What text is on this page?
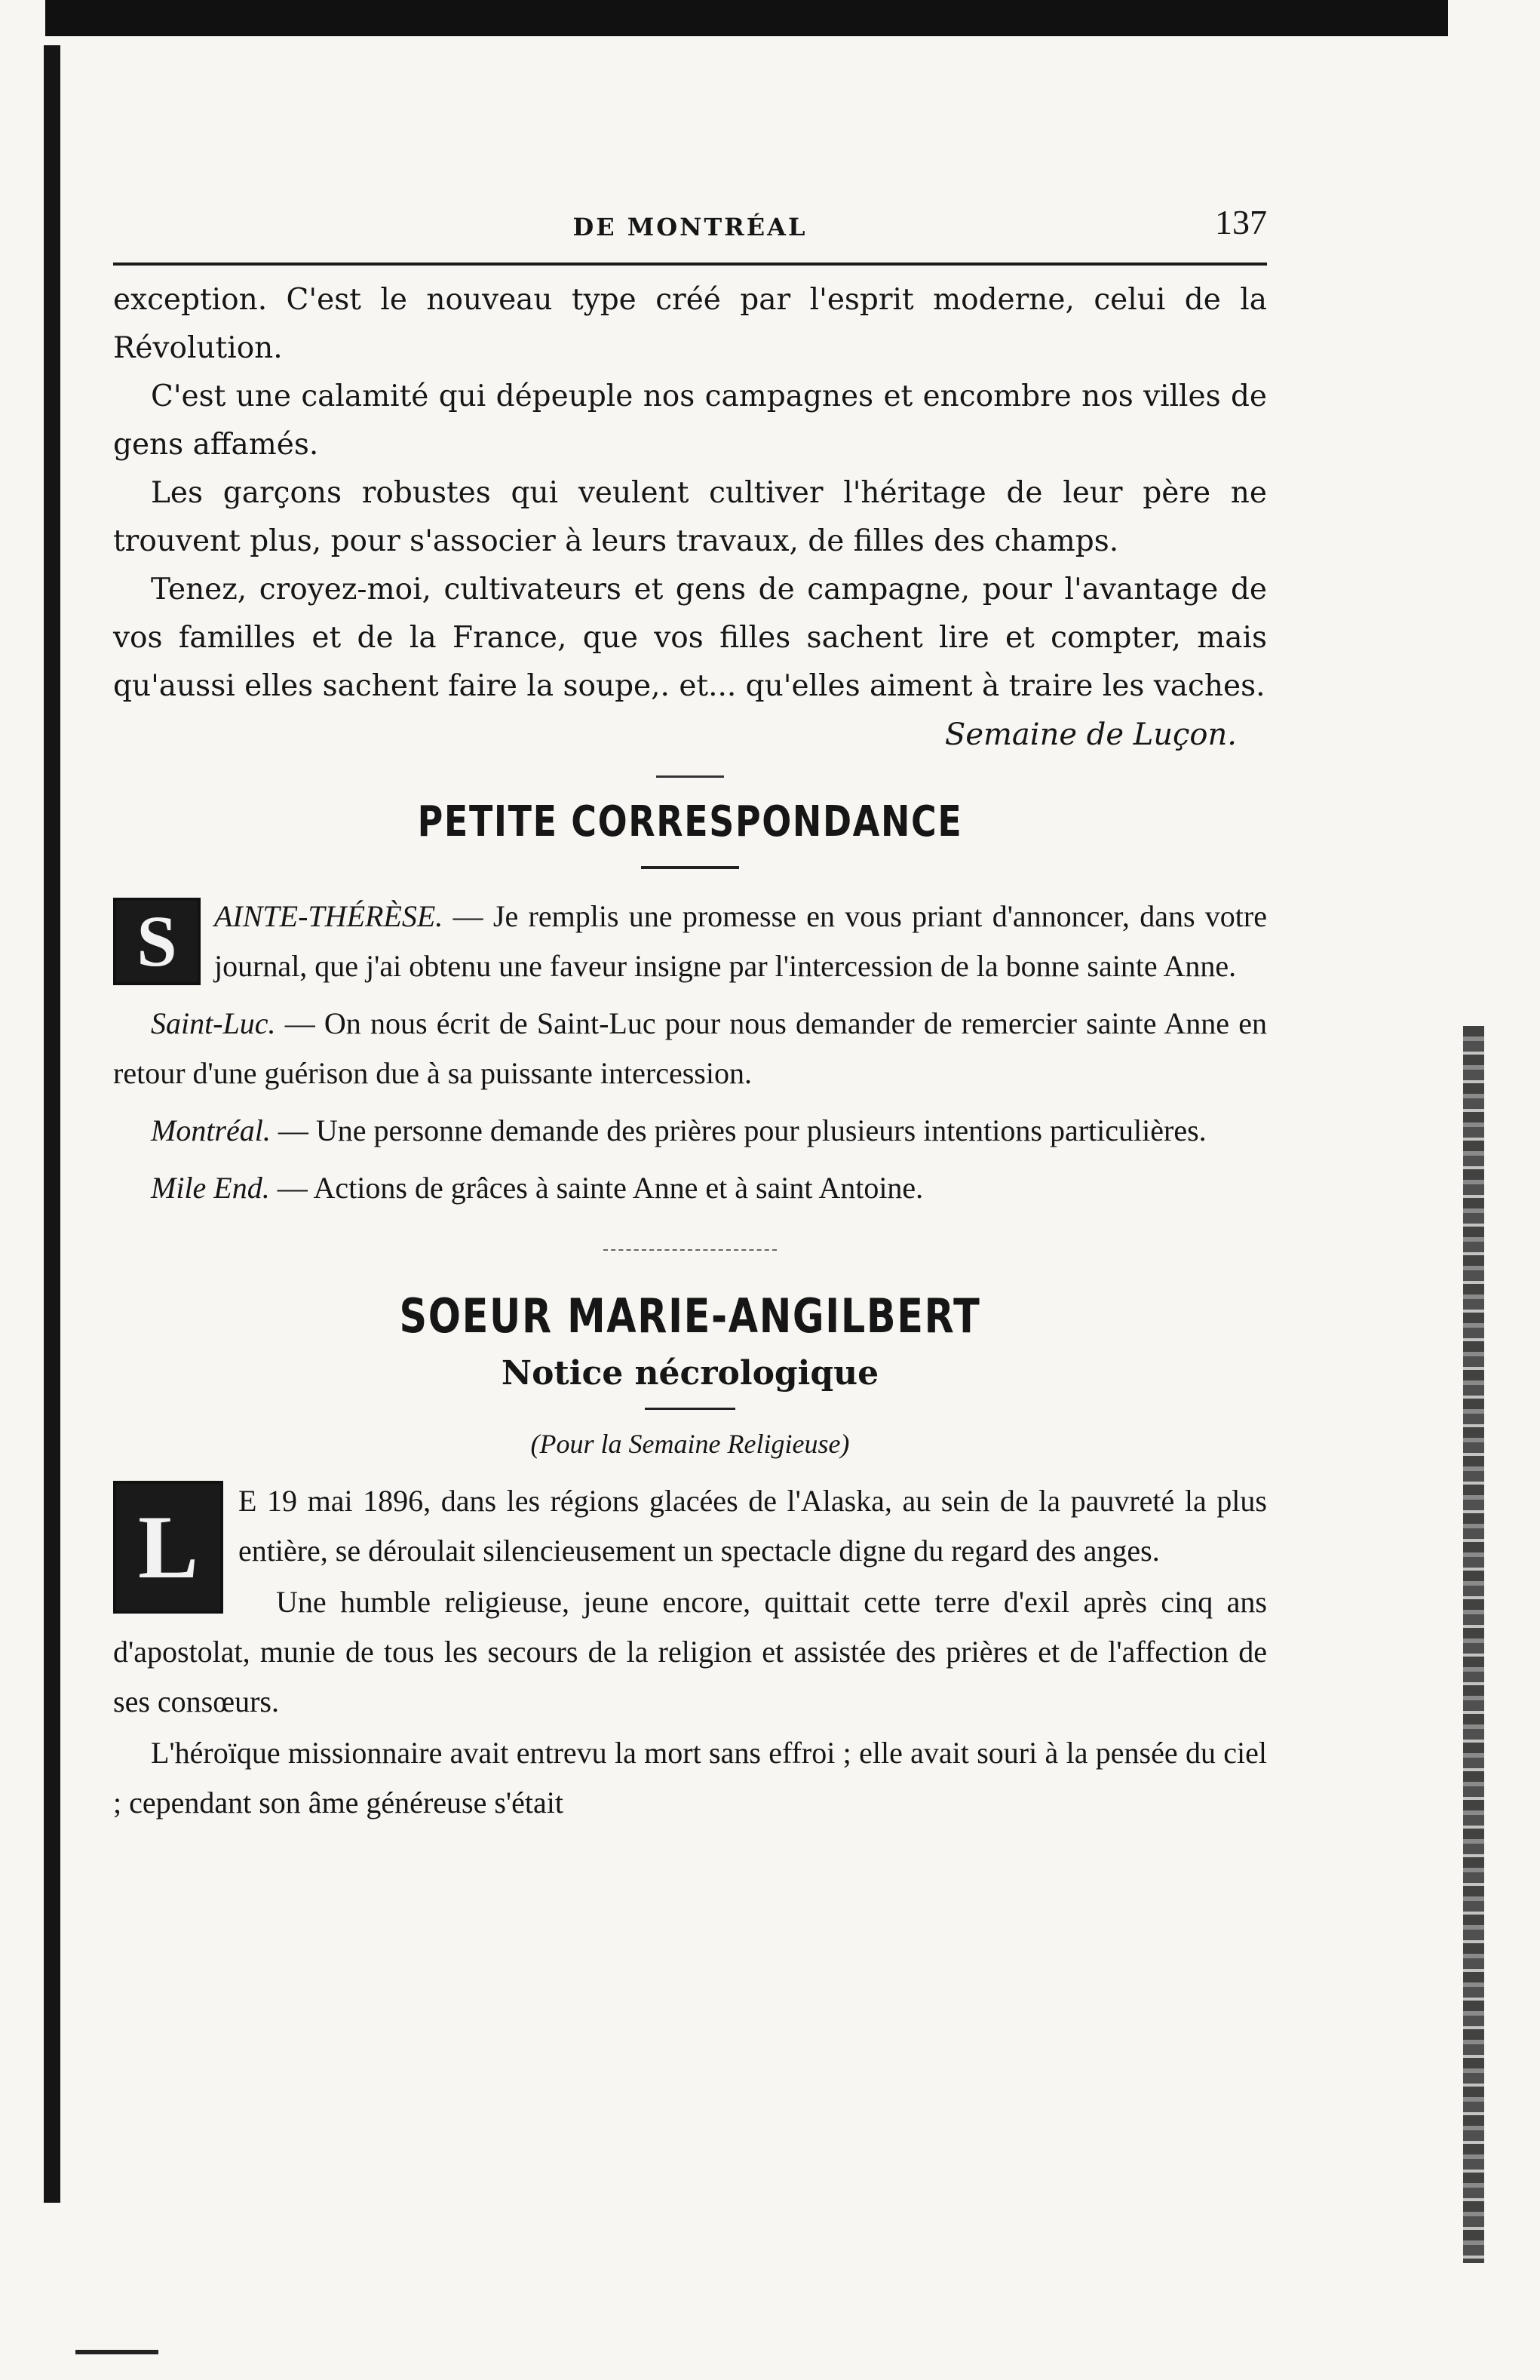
DE MONTRÉAL	137

exception. C'est le nouveau type créé par l'esprit moderne, celui de la Révolution.

C'est une calamité qui dépeuple nos campagnes et encombre nos villes de gens affamés.

Les garçons robustes qui veulent cultiver l'héritage de leur père ne trouvent plus, pour s'associer à leurs travaux, de filles des champs.

Tenez, croyez-moi, cultivateurs et gens de campagne, pour l'avantage de vos familles et de la France, que vos filles sachent lire et compter, mais qu'aussi elles sachent faire la soupe,. et... qu'elles aiment à traire les vaches.

Semaine de Luçon.
PETITE CORRESPONDANCE

S	AINTE-THÉRÈSE. — Je remplis une promesse en vous priant d'annoncer, dans votre journal, que j'ai obtenu une faveur insigne par l'intercession de la bonne sainte Anne.

Saint-Luc. — On nous écrit de Saint-Luc pour nous demander de remercier sainte Anne en retour d'une guérison due à sa puissante intercession.

Montréal. — Une personne demande des prières pour plusieurs intentions particulières.

Mile End. — Actions de grâces à sainte Anne et à saint Antoine.

SOEUR MARIE-ANGILBERT
Notice nécrologique
(Pour la Semaine Religieuse)

L	E 19 mai 1896, dans les régions glacées de l'Alaska, au sein de la pauvreté la plus entière, se déroulait silencieusement un spectacle digne du regard des anges.

Une humble religieuse, jeune encore, quittait cette terre d'exil après cinq ans d'apostolat, munie de tous les secours de la religion et assistée des prières et de l'affection de ses consœurs.

L'héroïque missionnaire avait entrevu la mort sans effroi ; elle avait souri à la pensée du ciel ; cependant son âme généreuse s'était
